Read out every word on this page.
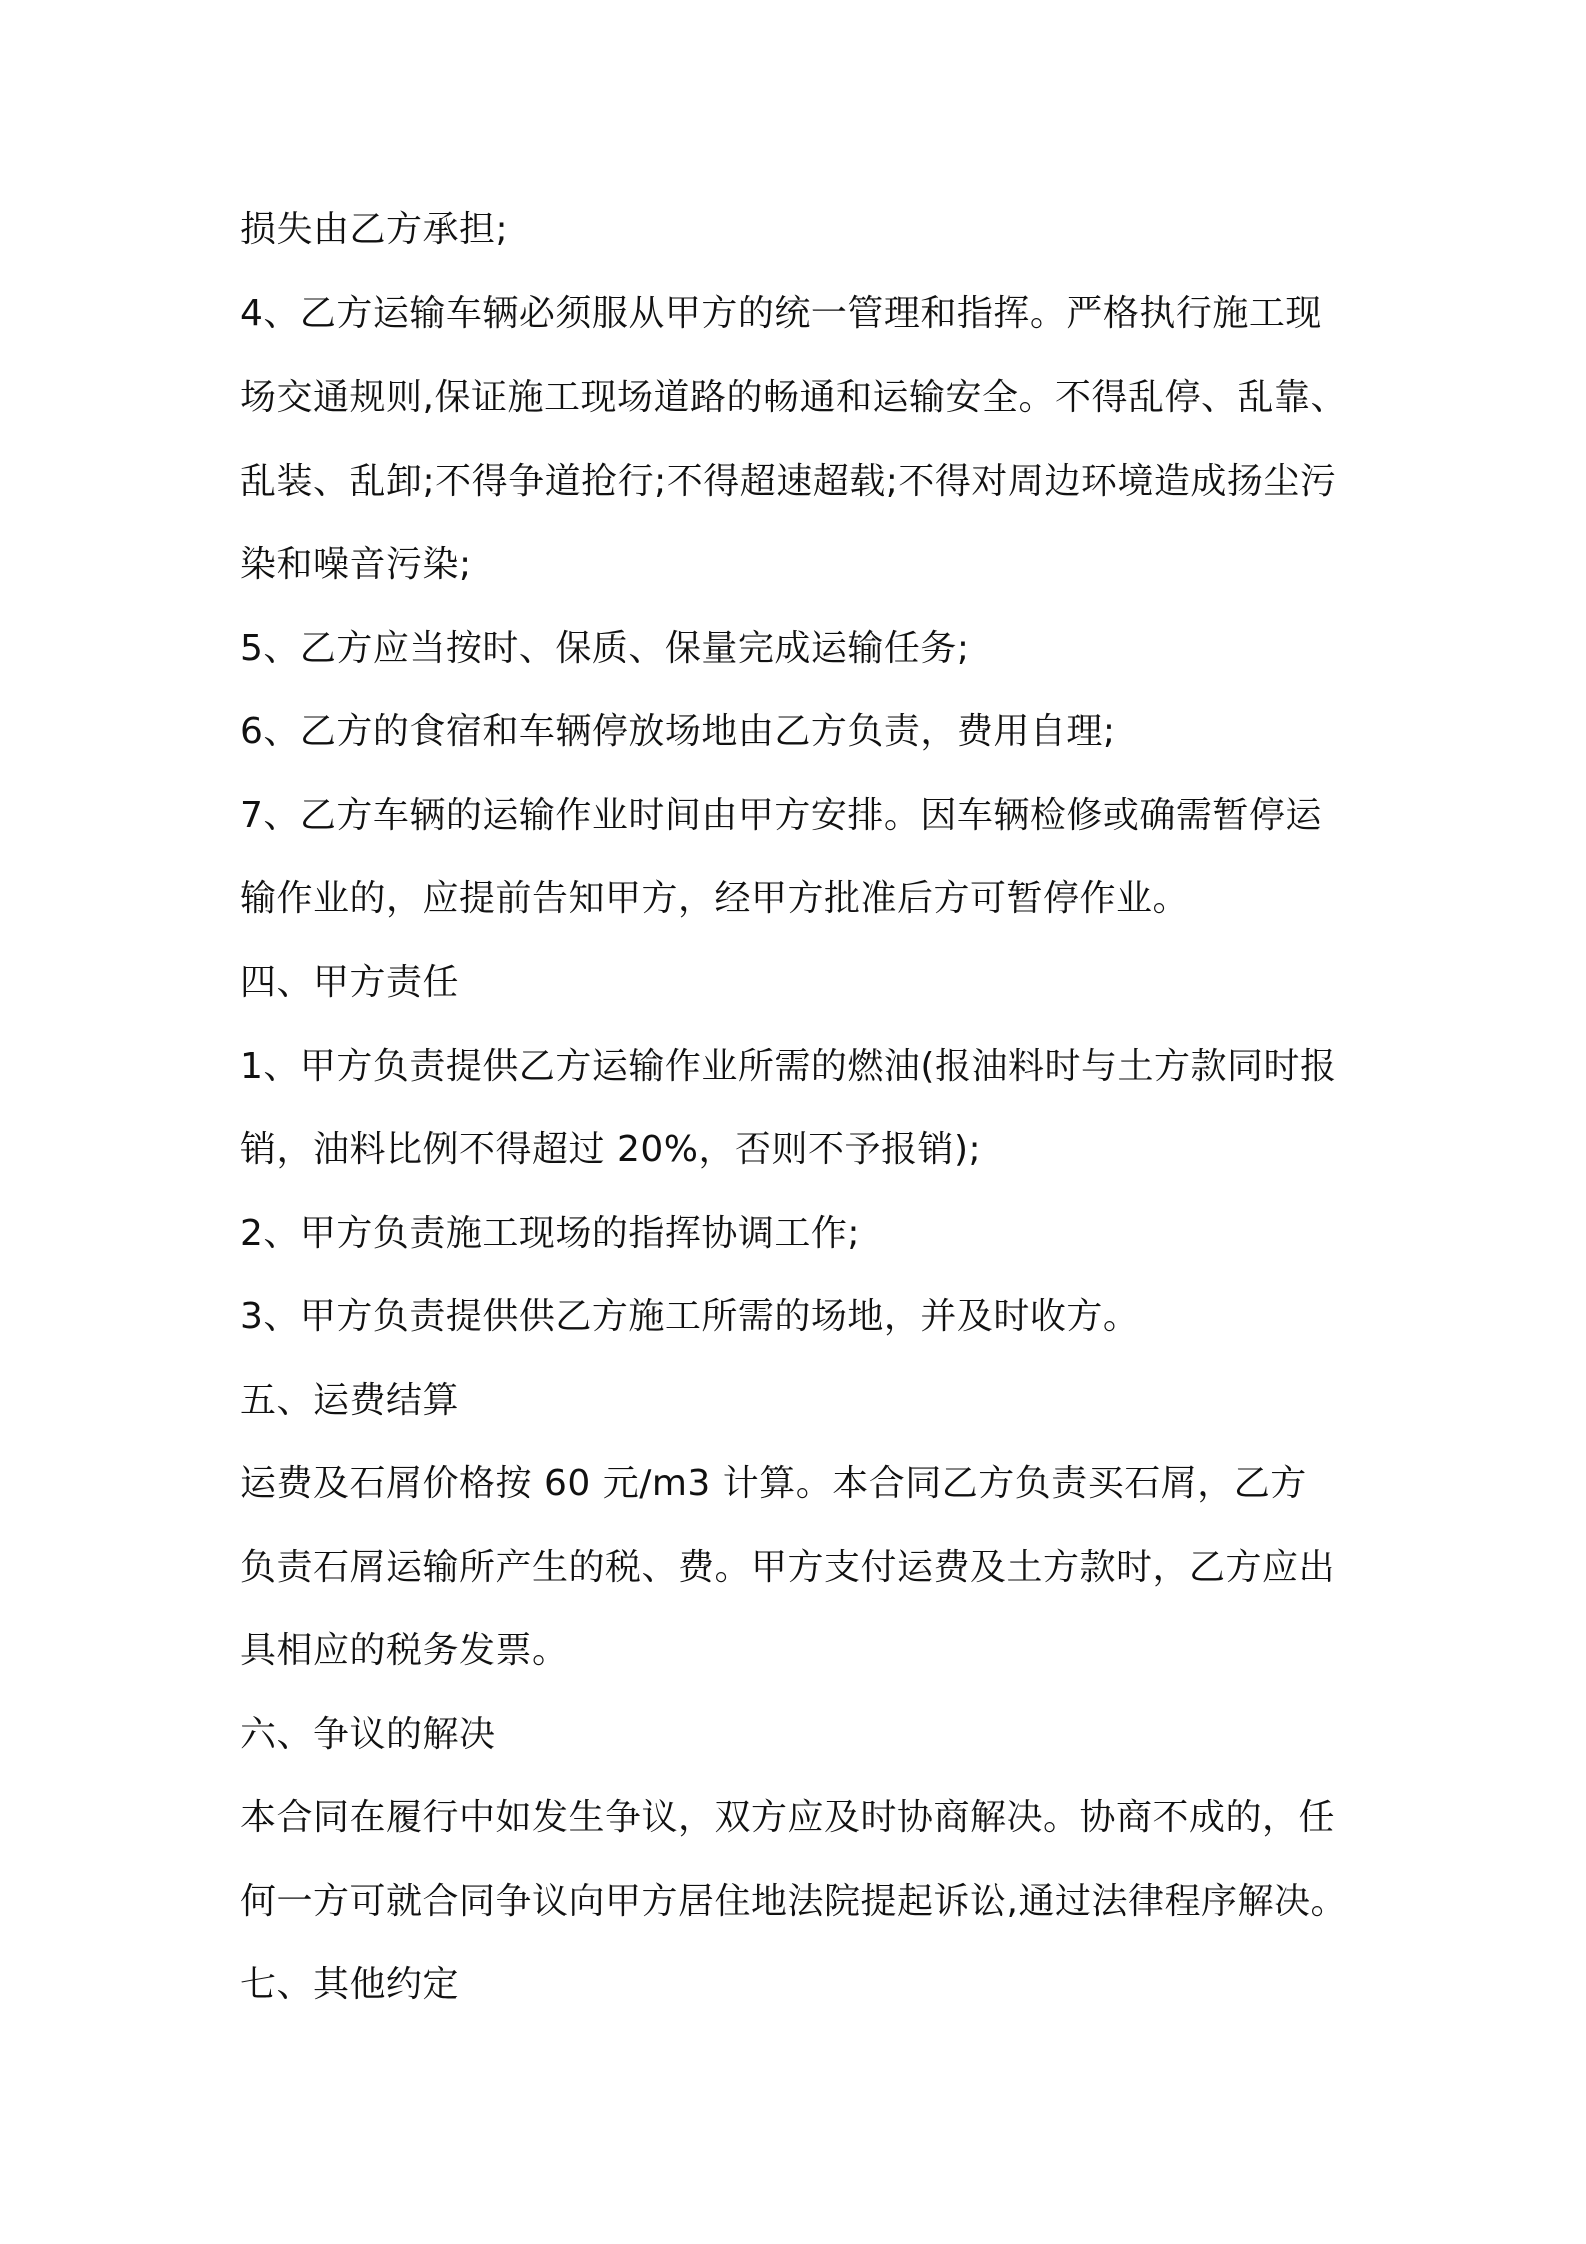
损失由乙方承担;
4、乙方运输车辆必须服从甲方的统一管理和指挥。严格执行施工现
场交通规则,保证施工现场道路的畅通和运输安全。不得乱停、乱靠、
乱装、乱卸;不得争道抢行;不得超速超载;不得对周边环境造成扬尘污
染和噪音污染;
5、乙方应当按时、保质、保量完成运输任务;
6、乙方的食宿和车辆停放场地由乙方负责，费用自理;
7、乙方车辆的运输作业时间由甲方安排。因车辆检修或确需暂停运
输作业的，应提前告知甲方，经甲方批准后方可暂停作业。
四、甲方责任
1、甲方负责提供乙方运输作业所需的燃油(报油料时与土方款同时报
销，油料比例不得超过 20%，否则不予报销);
2、甲方负责施工现场的指挥协调工作;
3、甲方负责提供供乙方施工所需的场地，并及时收方。
五、运费结算
运费及石屑价格按 60 元/m3 计算。本合同乙方负责买石屑，乙方
负责石屑运输所产生的税、费。甲方支付运费及土方款时，乙方应出
具相应的税务发票。
六、争议的解决
本合同在履行中如发生争议，双方应及时协商解决。协商不成的，任
何一方可就合同争议向甲方居住地法院提起诉讼,通过法律程序解决。
七、其他约定
